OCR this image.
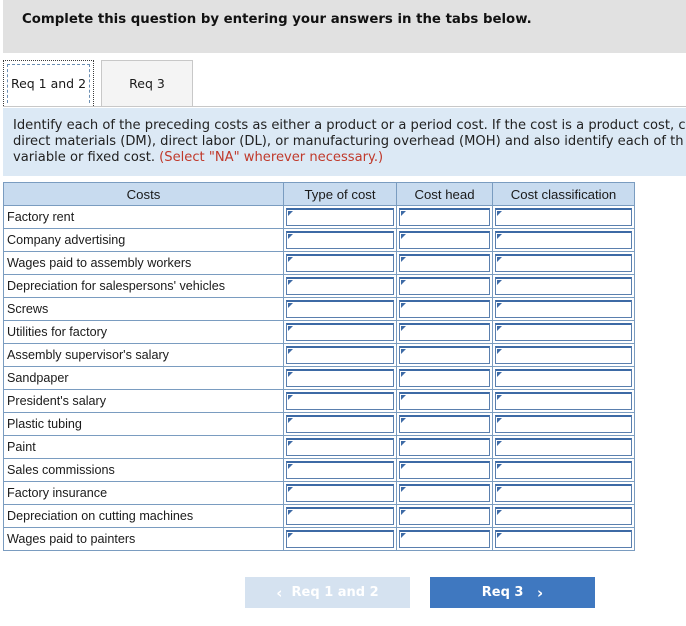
Complete this question by entering your answers in the tabs below.
Req 1 and 2	Req 3

Identify each of the preceding costs as either a product or a period cost. If the cost is a product cost, c

direct materials (DM), direct labor (DL), or manufacturing overhead (MOH) and also identify each of th

variable or fixed cost. (Select "NA" wherever necessary.)

Costs	Type of cost	Cost head	Cost classification
Factory rent	

Company advertising	

Wages paid to assembly workers	

Depreciation for salespersons' vehicles	

Screws	

Utilities for factory	

Assembly supervisor's salary	

Sandpaper	

President's salary	

Plastic tubing	

Paint	

Sales commissions	

Factory insurance	

Depreciation on cutting machines	

Wages paid to painters	

‹
Req 1 and 2	Req 3
›
